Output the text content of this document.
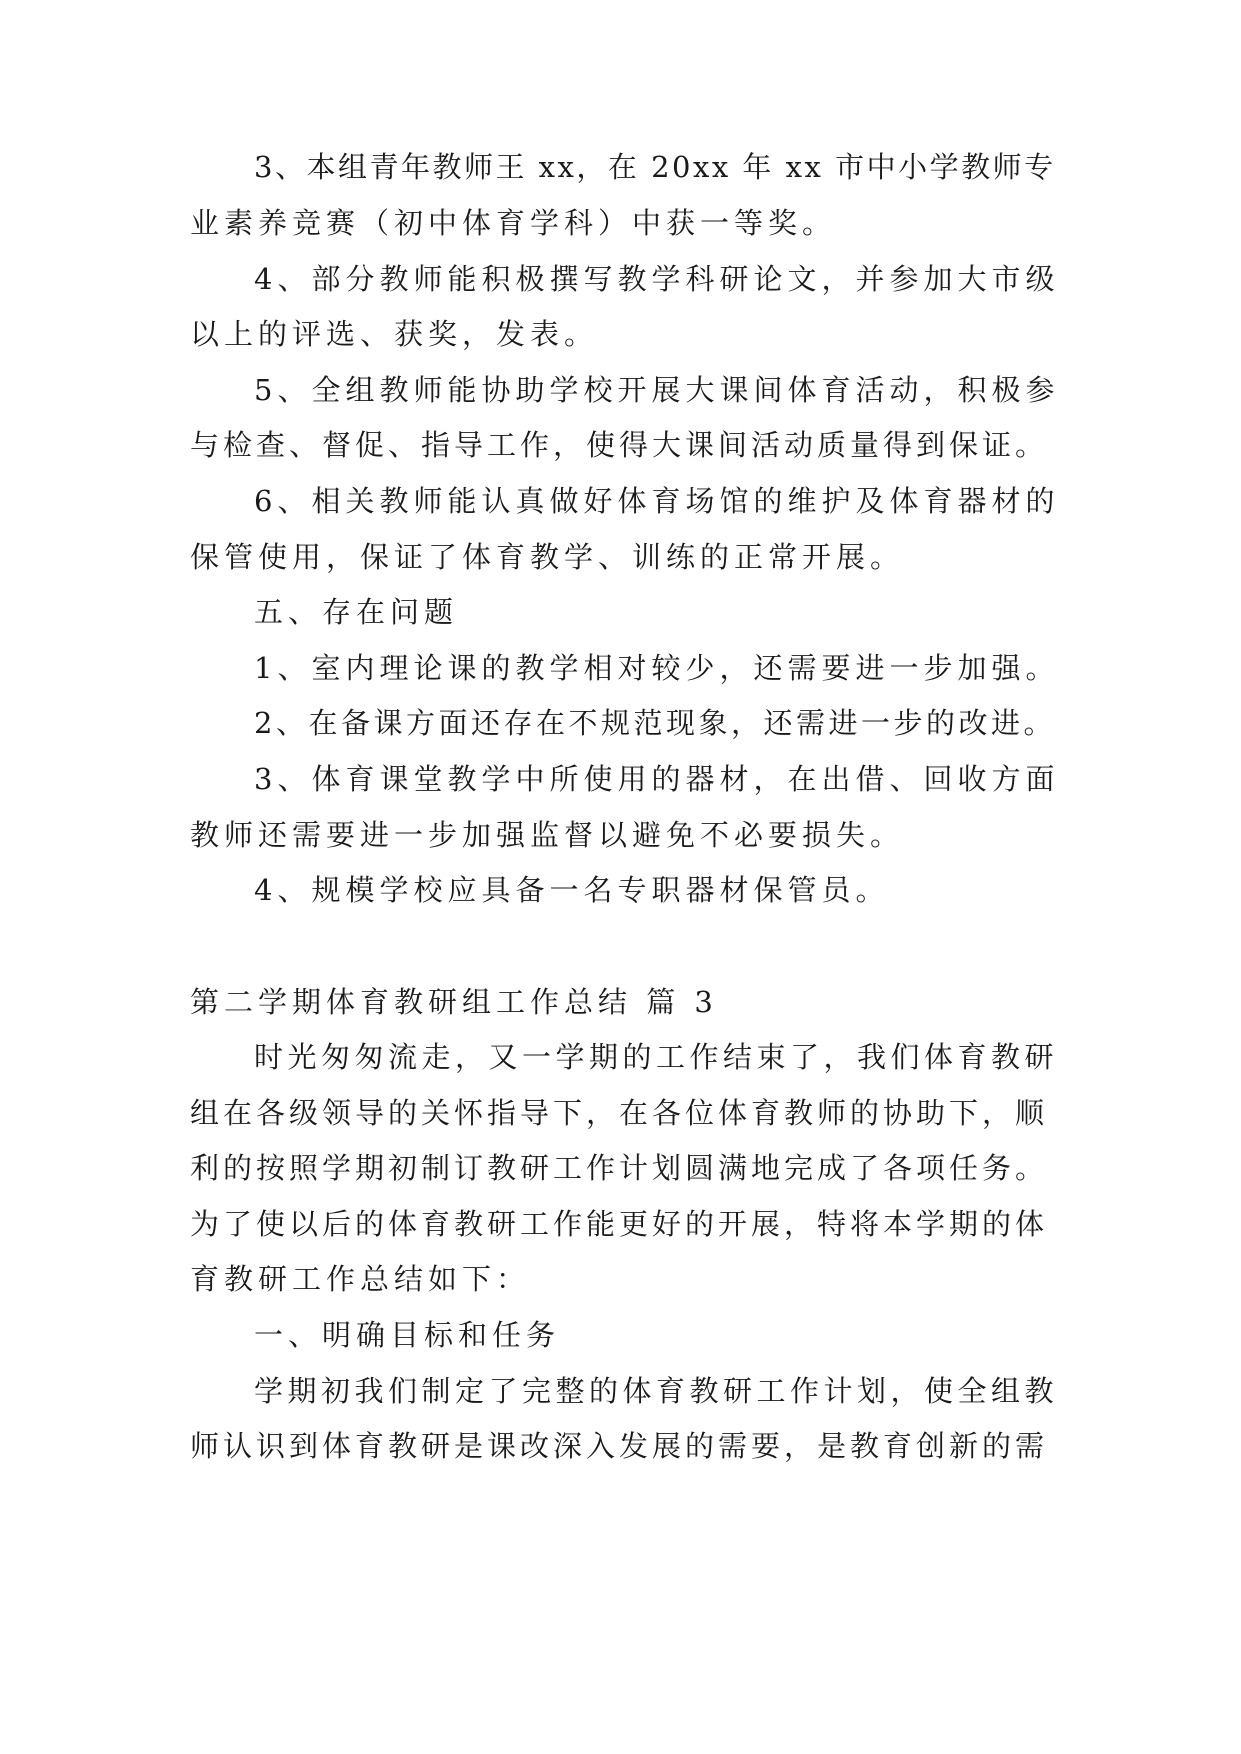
3、本组青年教师王 xx，在 20xx 年 xx 市中小学教师专
业素养竞赛（初中体育学科）中获一等奖。
4、部分教师能积极撰写教学科研论文，并参加大市级
以上的评选、获奖，发表。
5、全组教师能协助学校开展大课间体育活动，积极参
与检查、督促、指导工作，使得大课间活动质量得到保证。
6、相关教师能认真做好体育场馆的维护及体育器材的
保管使用，保证了体育教学、训练的正常开展。
五、存在问题
1、室内理论课的教学相对较少，还需要进一步加强。
2、在备课方面还存在不规范现象，还需进一步的改进。
3、体育课堂教学中所使用的器材，在出借、回收方面
教师还需要进一步加强监督以避免不必要损失。
4、规模学校应具备一名专职器材保管员。
第二学期体育教研组工作总结 篇 3
时光匆匆流走，又一学期的工作结束了，我们体育教研
组在各级领导的关怀指导下，在各位体育教师的协助下，顺
利的按照学期初制订教研工作计划圆满地完成了各项任务。
为了使以后的体育教研工作能更好的开展，特将本学期的体
育教研工作总结如下：
一、明确目标和任务
学期初我们制定了完整的体育教研工作计划，使全组教
师认识到体育教研是课改深入发展的需要，是教育创新的需
